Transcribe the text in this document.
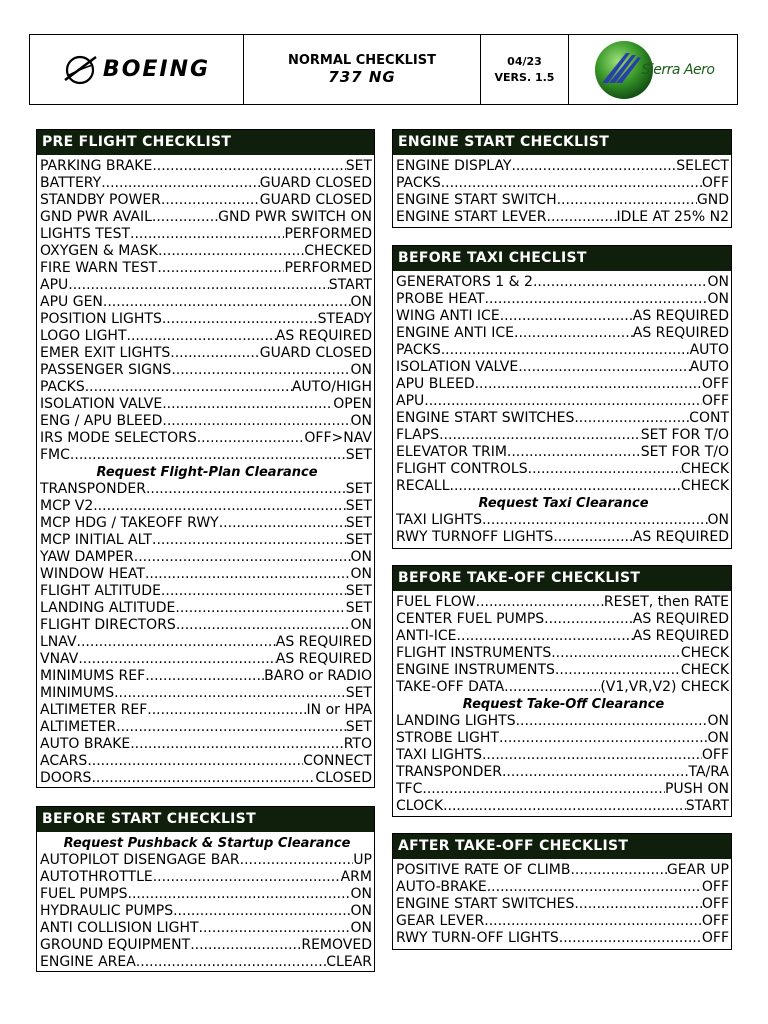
BOEING	NORMAL CHECKLIST
737 NG
04/23
VERS. 1.5	Sierra Aero
PRE FLIGHT CHECKLIST
PARKING BRAKE .....	SET
BATTERY .....	GUARD CLOSED
STANDBY POWER .....	GUARD CLOSED
GND PWR AVAIL .....	GND PWR SWITCH ON
LIGHTS TEST .....	PERFORMED
OXYGEN & MASK .....	CHECKED
FIRE WARN TEST .....	PERFORMED
APU .....	START
APU GEN .....	ON
POSITION LIGHTS .....	STEADY
LOGO LIGHT .....	AS REQUIRED
EMER EXIT LIGHTS .....	GUARD CLOSED
PASSENGER SIGNS .....	ON
PACKS .....	AUTO/HIGH
ISOLATION VALVE .....	OPEN
ENG / APU BLEED .....	ON
IRS MODE SELECTORS .....	OFF>NAV
FMC .....	SET
Request Flight-Plan Clearance
TRANSPONDER .....	SET
MCP V2 .....	SET
MCP HDG / TAKEOFF RWY .....	SET
MCP INITIAL ALT .....	SET
YAW DAMPER .....	ON
WINDOW HEAT .....	ON
FLIGHT ALTITUDE .....	SET
LANDING ALTITUDE .....	SET
FLIGHT DIRECTORS .....	ON
LNAV .....	AS REQUIRED
VNAV .....	AS REQUIRED
MINIMUMS REF .....	BARO or RADIO
MINIMUMS .....	SET
ALTIMETER REF .....	IN or HPA
ALTIMETER .....	SET
AUTO BRAKE .....	RTO
ACARS .....	CONNECT
DOORS .....	CLOSED
BEFORE START CHECKLIST
Request Pushback & Startup Clearance
AUTOPILOT DISENGAGE BAR .....	UP
AUTOTHROTTLE .....	ARM
FUEL PUMPS .....	ON
HYDRAULIC PUMPS .....	ON
ANTI COLLISION LIGHT .....	ON
GROUND EQUIPMENT .....	REMOVED
ENGINE AREA .....	CLEAR
ENGINE START CHECKLIST
ENGINE DISPLAY .....	SELECT
PACKS .....	OFF
ENGINE START SWITCH .....	GND
ENGINE START LEVER .....	IDLE AT 25% N2
BEFORE TAXI CHECLIST
GENERATORS 1 & 2 .....	ON
PROBE HEAT .....	ON
WING ANTI ICE .....	AS REQUIRED
ENGINE ANTI ICE .....	AS REQUIRED
PACKS .....	AUTO
ISOLATION VALVE .....	AUTO
APU BLEED .....	OFF
APU .....	OFF
ENGINE START SWITCHES .....	CONT
FLAPS .....	SET FOR T/O
ELEVATOR TRIM .....	SET FOR T/O
FLIGHT CONTROLS .....	CHECK
RECALL .....	CHECK
Request Taxi Clearance
TAXI LIGHTS .....	ON
RWY TURNOFF LIGHTS .....	AS REQUIRED
BEFORE TAKE-OFF CHECKLIST
FUEL FLOW .....	RESET, then RATE
CENTER FUEL PUMPS .....	AS REQUIRED
ANTI-ICE .....	AS REQUIRED
FLIGHT INSTRUMENTS .....	CHECK
ENGINE INSTRUMENTS .....	CHECK
TAKE-OFF DATA .....	(V1,VR,V2) CHECK
Request Take-Off Clearance
LANDING LIGHTS .....	ON
STROBE LIGHT .....	ON
TAXI LIGHTS .....	OFF
TRANSPONDER .....	TA/RA
TFC .....	PUSH ON
CLOCK .....	START
AFTER TAKE-OFF CHECKLIST
POSITIVE RATE OF CLIMB .....	GEAR UP
AUTO-BRAKE .....	OFF
ENGINE START SWITCHES .....	OFF
GEAR LEVER .....	OFF
RWY TURN-OFF LIGHTS .....	OFF
